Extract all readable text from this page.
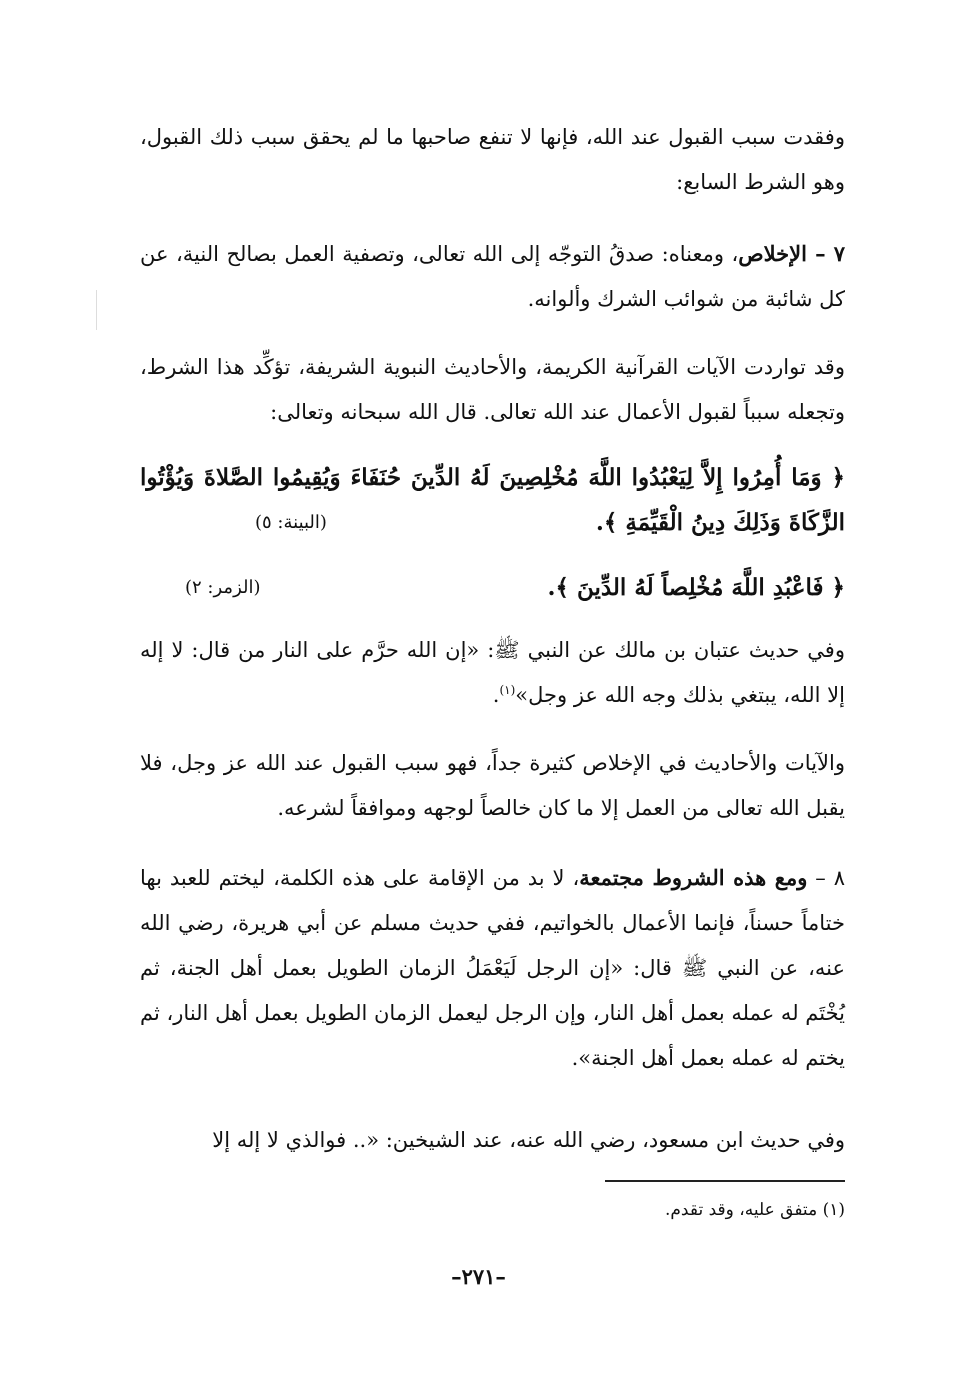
وفقدت سبب القبول عند الله، فإنها لا تنفع صاحبها ما لم يحقق سبب ذلك القبول، وهو الشرط السابع:

٧ – الإخلاص، ومعناه: صدقُ التوجّه إلى الله تعالى، وتصفية العمل بصالح النية، عن كل شائبة من شوائب الشرك وألوانه.

وقد تواردت الآيات القرآنية الكريمة، والأحاديث النبوية الشريفة، تؤكِّد هذا الشرط، وتجعله سبباً لقبول الأعمال عند الله تعالى. قال الله سبحانه وتعالى:

﴿ وَمَا أُمِرُوا إِلاَّ لِيَعْبُدُوا اللَّهَ مُخْلِصِينَ لَهُ الدِّينَ حُنَفَاءَ وَيُقِيمُوا الصَّلاةَ وَيُؤْتُوا
الزَّكَاةَ وَذَلِكَ دِينُ الْقَيِّمَةِ ﴾.
(البينة: ٥)
﴿ فَاعْبُدِ اللَّهَ مُخْلِصاً لَهُ الدِّينَ ﴾.
(الزمر: ٢)

وفي حديث عتبان بن مالك عن النبي ﷺ: «إن الله حرَّم على النار من قال: لا إله إلا الله، يبتغي بذلك وجه الله عز وجل»$^{(١)}$.

والآيات والأحاديث في الإخلاص كثيرة جداً، فهو سبب القبول عند الله عز وجل، فلا يقبل الله تعالى من العمل إلا ما كان خالصاً لوجهه وموافقاً لشرعه.

٨ – ومع هذه الشروط مجتمعة، لا بد من الإقامة على هذه الكلمة، ليختم للعبد بها ختاماً حسناً، فإنما الأعمال بالخواتيم، ففي حديث مسلم عن أبي هريرة، رضي الله عنه، عن النبي ﷺ قال: «إن الرجل لَيَعْمَلُ الزمان الطويل بعمل أهل الجنة، ثم يُخْتَم له عمله بعمل أهل النار، وإن الرجل ليعمل الزمان الطويل بعمل أهل النار، ثم يختم له عمله بعمل أهل الجنة».

وفي حديث ابن مسعود، رضي الله عنه، عند الشيخين: «.. فوالذي لا إله إلا

(١) متفق عليه، وقد تقدم.
–٢٧١–
